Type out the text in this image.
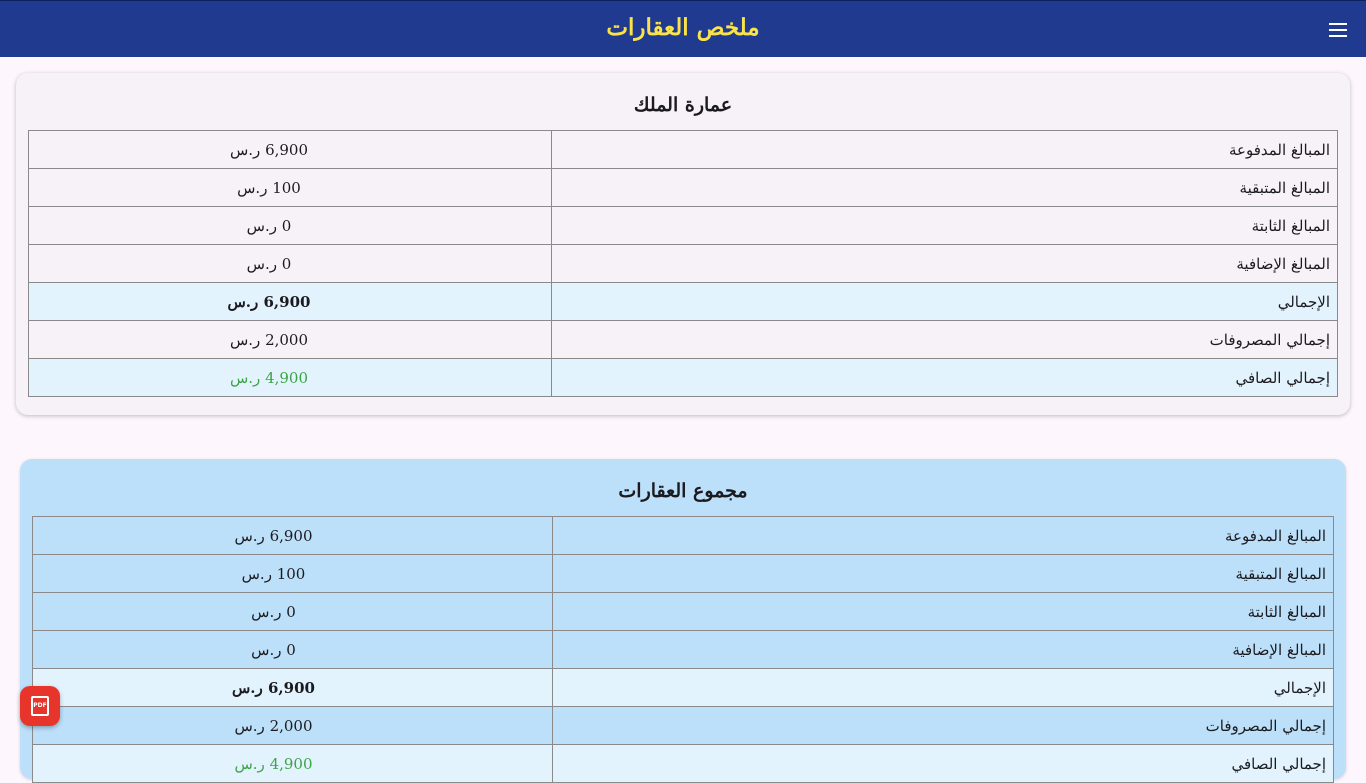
ملخص العقارات
عمارة الملك
المبالغ المدفوعة	6,900 ر.س
المبالغ المتبقية	100 ر.س
المبالغ الثابتة	0 ر.س
المبالغ الإضافية	0 ر.س
الإجمالي	6,900 ر.س
إجمالي المصروفات	2,000 ر.س
إجمالي الصافي	4,900 ر.س
مجموع العقارات
المبالغ المدفوعة	6,900 ر.س
المبالغ المتبقية	100 ر.س
المبالغ الثابتة	0 ر.س
المبالغ الإضافية	0 ر.س
الإجمالي	6,900 ر.س
إجمالي المصروفات	2,000 ر.س
إجمالي الصافي	4,900 ر.س
PDF
